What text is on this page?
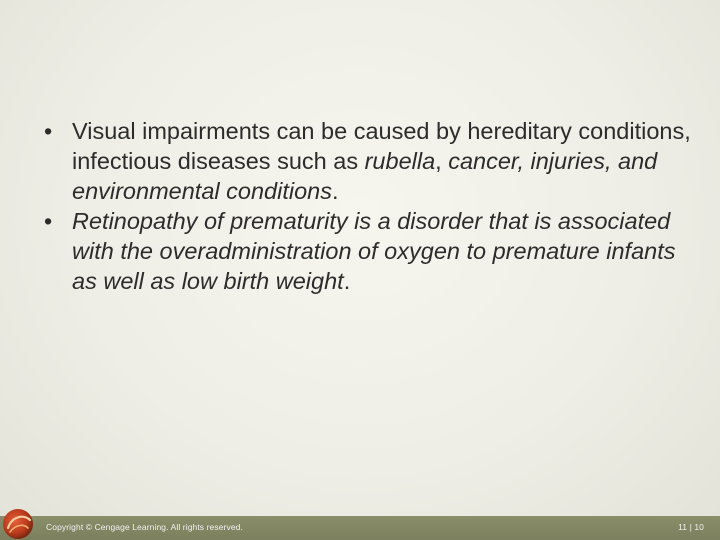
• Visual impairments can be caused by hereditary conditions, infectious diseases such as rubella, cancer, injuries, and environmental conditions.
• Retinopathy of prematurity is a disorder that is associated with the overadministration of oxygen to premature infants as well as low birth weight.
Copyright © Cengage Learning. All rights reserved.	11 | 10
